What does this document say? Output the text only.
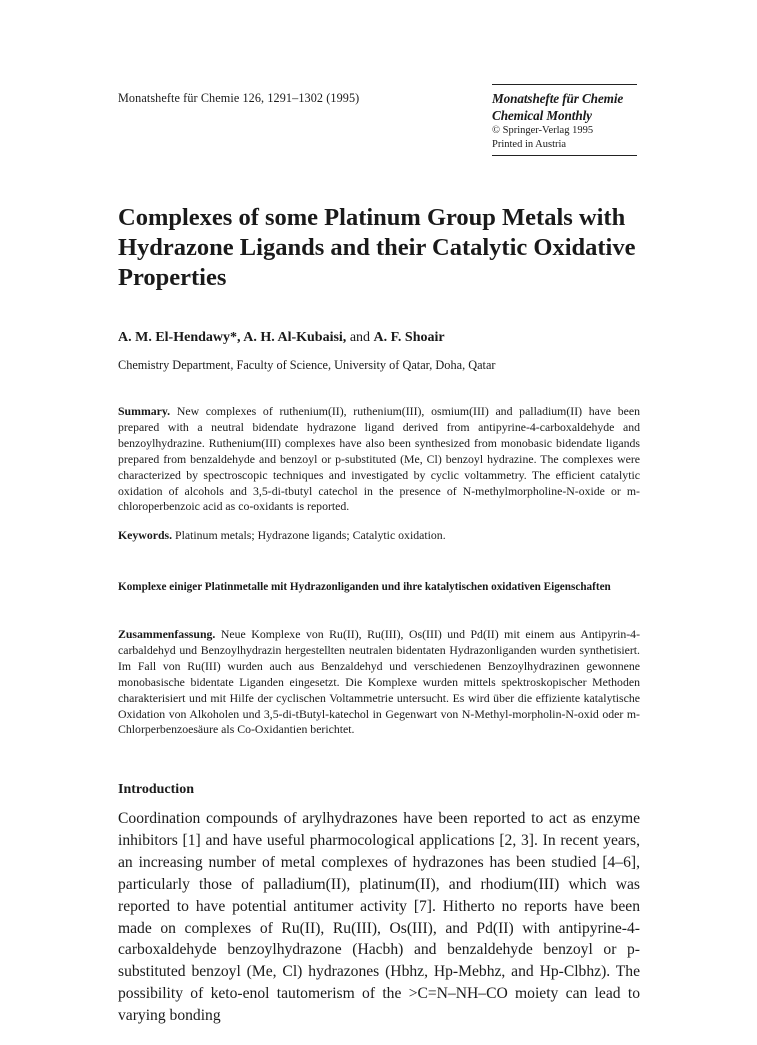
Monatshefte für Chemie 126, 1291–1302 (1995)	Monatshefte für Chemie
Chemical Monthly
© Springer-Verlag 1995
Printed in Austria
Complexes of some Platinum Group Metals with Hydrazone Ligands and their Catalytic Oxidative Properties
A. M. El-Hendawy*, A. H. Al-Kubaisi, and A. F. Shoair
Chemistry Department, Faculty of Science, University of Qatar, Doha, Qatar
Summary. New complexes of ruthenium(II), ruthenium(III), osmium(III) and palladium(II) have been prepared with a neutral bidendate hydrazone ligand derived from antipyrine-4-carboxaldehyde and benzoylhydrazine. Ruthenium(III) complexes have also been synthesized from monobasic bidendate ligands prepared from benzaldehyde and benzoyl or p-substituted (Me, Cl) benzoyl hydrazine. The complexes were characterized by spectroscopic techniques and investigated by cyclic voltammetry. The efficient catalytic oxidation of alcohols and 3,5-di-tbutyl catechol in the presence of N-methylmorpholine-N-oxide or m-chloroperbenzoic acid as co-oxidants is reported.
Keywords. Platinum metals; Hydrazone ligands; Catalytic oxidation.
Komplexe einiger Platinmetalle mit Hydrazonliganden und ihre katalytischen oxidativen Eigenschaften
Zusammenfassung. Neue Komplexe von Ru(II), Ru(III), Os(III) und Pd(II) mit einem aus Antipyrin-4-carbaldehyd und Benzoylhydrazin hergestellten neutralen bidentaten Hydrazonliganden wurden synthetisiert. Im Fall von Ru(III) wurden auch aus Benzaldehyd und verschiedenen Benzoylhydrazinen gewonnene monobasische bidentate Liganden eingesetzt. Die Komplexe wurden mittels spektroskopischer Methoden charakterisiert und mit Hilfe der cyclischen Voltammetrie untersucht. Es wird über die effiziente katalytische Oxidation von Alkoholen und 3,5-di-tButyl-katechol in Gegenwart von N-Methyl-morpholin-N-oxid oder m-Chlorperbenzoesäure als Co-Oxidantien berichtet.
Introduction
Coordination compounds of arylhydrazones have been reported to act as enzyme inhibitors [1] and have useful pharmocological applications [2, 3]. In recent years, an increasing number of metal complexes of hydrazones has been studied [4–6], particularly those of palladium(II), platinum(II), and rhodium(III) which was reported to have potential antitumer activity [7]. Hitherto no reports have been made on complexes of Ru(II), Ru(III), Os(III), and Pd(II) with antipyrine-4-carboxaldehyde benzoylhydrazone (Hacbh) and benzaldehyde benzoyl or p-substituted benzoyl (Me, Cl) hydrazones (Hbhz, Hp-Mebhz, and Hp-Clbhz). The possibility of keto-enol tautomerism of the >C=N–NH–CO moiety can lead to varying bonding
